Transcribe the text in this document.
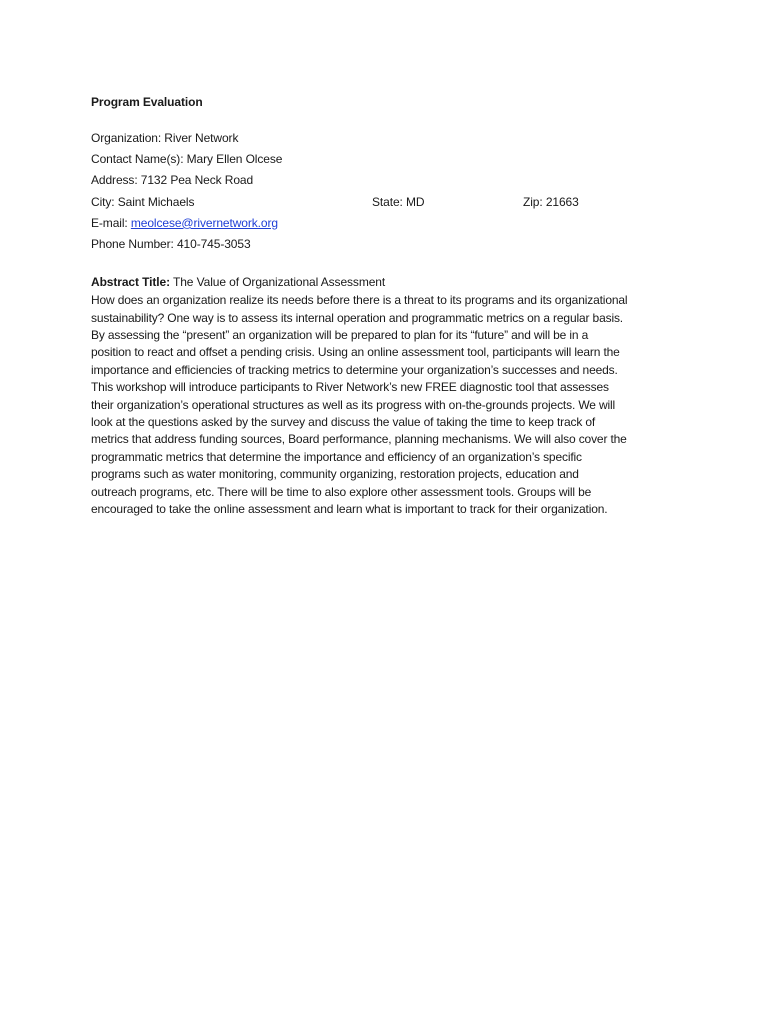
Program Evaluation
Organization: River Network
Contact Name(s): Mary Ellen Olcese
Address: 7132 Pea Neck Road
City: Saint Michaels	State: MD	Zip: 21663
E-mail: meolcese@rivernetwork.org
Phone Number: 410-745-3053
Abstract Title: The Value of Organizational Assessment

How does an organization realize its needs before there is a threat to its programs and its organizational
sustainability? One way is to assess its internal operation and programmatic metrics on a regular basis.
By assessing the “present” an organization will be prepared to plan for its “future” and will be in a
position to react and offset a pending crisis. Using an online assessment tool, participants will learn the
importance and efficiencies of tracking metrics to determine your organization’s successes and needs.
This workshop will introduce participants to River Network’s new FREE diagnostic tool that assesses
their organization’s operational structures as well as its progress with on-the-grounds projects. We will
look at the questions asked by the survey and discuss the value of taking the time to keep track of
metrics that address funding sources, Board performance, planning mechanisms. We will also cover the
programmatic metrics that determine the importance and efficiency of an organization’s specific
programs such as water monitoring, community organizing, restoration projects, education and
outreach programs, etc. There will be time to also explore other assessment tools. Groups will be
encouraged to take the online assessment and learn what is important to track for their organization.
